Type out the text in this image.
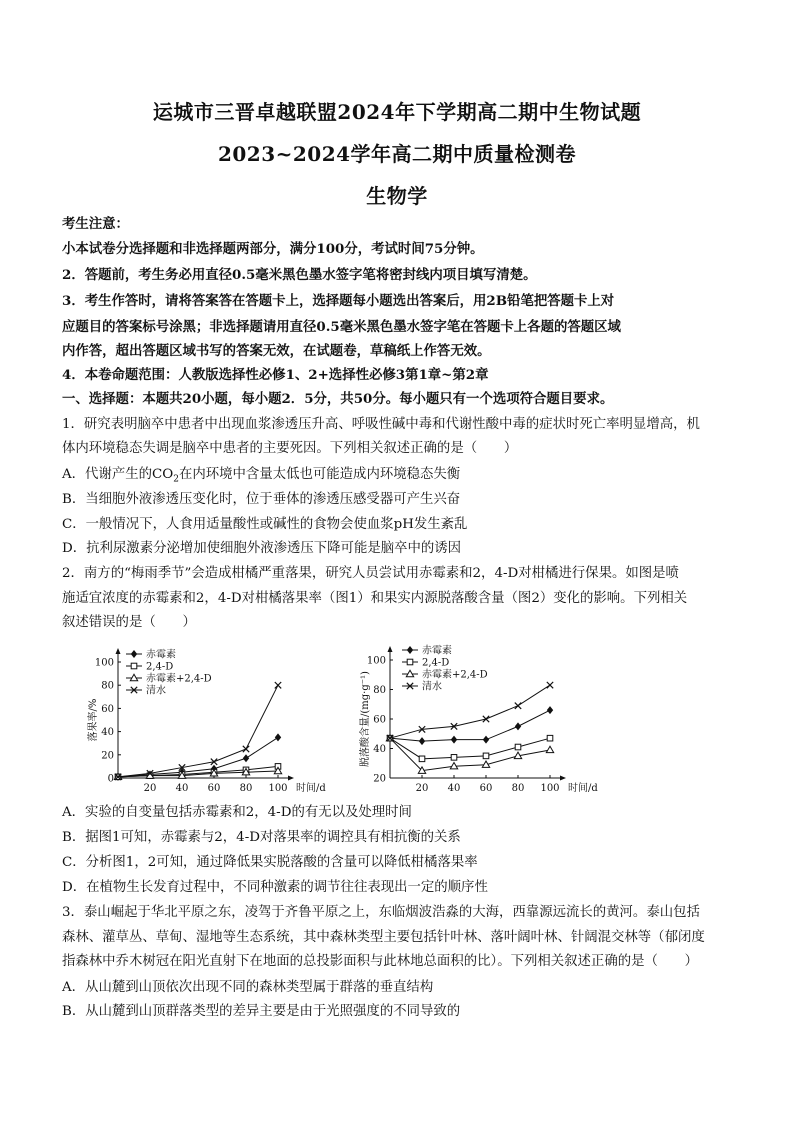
运城市三晋卓越联盟2024年下学期高二期中生物试题
2023~2024学年高二期中质量检测卷
生物学
考生注意：
小本试卷分选择题和非选择题两部分，满分100分，考试时间75分钟。
2．答题前，考生务必用直径0.5毫米黑色墨水签字笔将密封线内项目填写清楚。
3．考生作答时，请将答案答在答题卡上，选择题每小题选出答案后，用2B铅笔把答题卡上对
应题目的答案标号涂黑；非选择题请用直径0.5毫米黑色墨水签字笔在答题卡上各题的答题区域
内作答，超出答题区域书写的答案无效，在试题卷，草稿纸上作答无效。
4．本卷命题范围：人教版选择性必修1、2+选择性必修3第1章~第2章
一、选择题：本题共20小题，每小题2．5分，共50分。每小题只有一个选项符合题目要求。
1．研究表明脑卒中患者中出现血浆渗透压升高、呼吸性碱中毒和代谢性酸中毒的症状时死亡率明显增高，机
体内环境稳态失调是脑卒中患者的主要死因。下列相关叙述正确的是（　　）
A．代谢产生的$CO_2$在内环境中含量太低也可能造成内环境稳态失衡
B．当细胞外液渗透压变化时，位于垂体的渗透压感受器可产生兴奋
C．一般情况下，人食用适量酸性或碱性的食物会使血浆pH发生紊乱
D．抗利尿激素分泌增加使细胞外液渗透压下降可能是脑卒中的诱因
2．南方的“梅雨季节”会造成柑橘严重落果，研究人员尝试用赤霉素和2，4-D对柑橘进行保果。如图是喷
施适宜浓度的赤霉素和2，4-D对柑橘落果率（图1）和果实内源脱落酸含量（图2）变化的影响。下列相关
叙述错误的是（　　）
0
20
40
60
80
100
20 40 60 80 100 时间/d
落果率/%
赤霉素
2,4-D
赤霉素+2,4-D
清水
20
40
60
80
100
20 40 60 80 100 时间/d
脱落酸含量/(mg·g⁻¹)
赤霉素
2,4-D
赤霉素+2,4-D
清水
A．实验的自变量包括赤霉素和2，4-D的有无以及处理时间
B．据图1可知，赤霉素与2，4-D对落果率的调控具有相抗衡的关系
C．分析图1，2可知，通过降低果实脱落酸的含量可以降低柑橘落果率
D．在植物生长发育过程中，不同种激素的调节往往表现出一定的顺序性
3．泰山崛起于华北平原之东，凌驾于齐鲁平原之上，东临烟波浩淼的大海，西靠源远流长的黄河。泰山包括
森林、灌草丛、草甸、湿地等生态系统，其中森林类型主要包括针叶林、落叶阔叶林、针阔混交林等（郁闭度
指森林中乔木树冠在阳光直射下在地面的总投影面积与此林地总面积的比）。下列相关叙述正确的是（　　）
A．从山麓到山顶依次出现不同的森林类型属于群落的垂直结构
B．从山麓到山顶群落类型的差异主要是由于光照强度的不同导致的
